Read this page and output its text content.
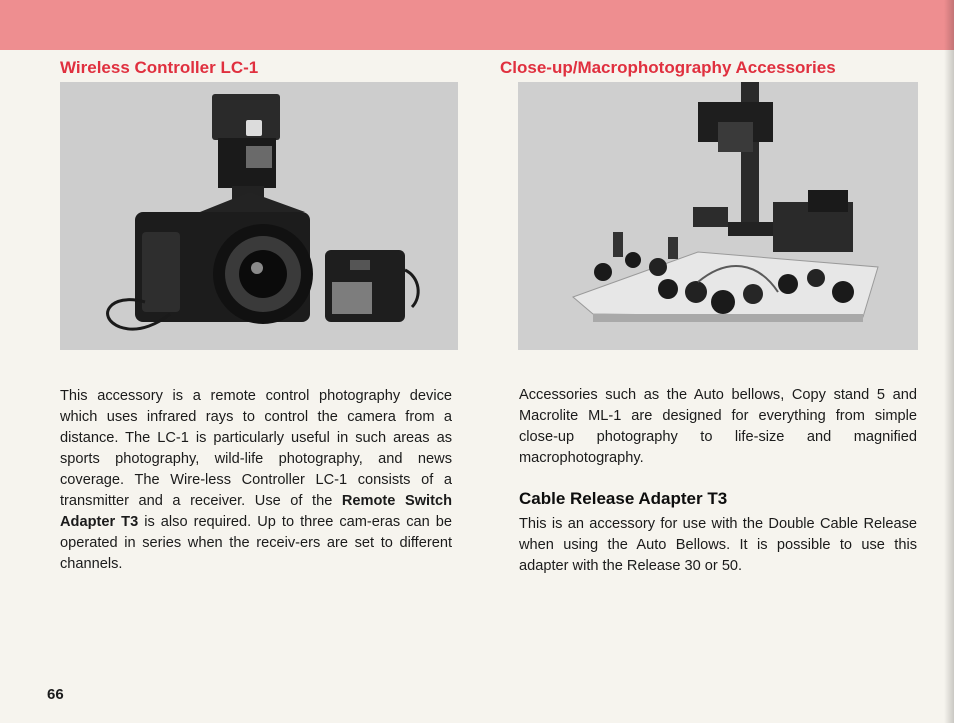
Wireless Controller LC-1

This accessory is a remote control photography device which uses infrared rays to control the camera from a distance. The LC-1 is particularly useful in such areas as sports photography, wild-life photography, and news coverage. The Wire-less Controller LC-1 consists of a transmitter and a receiver. Use of the Remote Switch Adapter T3 is also required. Up to three cam-eras can be operated in series when the receiv-ers are set to different channels.

Close-up/Macrophotography Accessories

Accessories such as the Auto bellows, Copy stand 5 and Macrolite ML-1 are designed for everything from simple close-up photography to life-size and magnified macrophotography.

Cable Release Adapter T3

This is an accessory for use with the Double Cable Release when using the Auto Bellows. It is possible to use this adapter with the Release 30 or 50.

66
